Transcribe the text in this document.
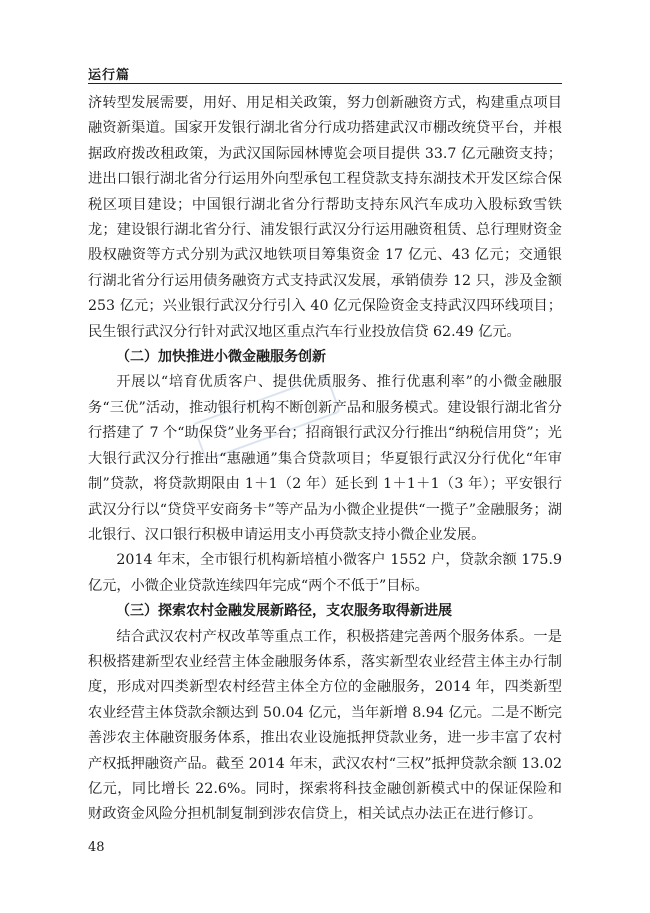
运行篇

济转型发展需要，用好、用足相关政策，努力创新融资方式，构建重点项目融资新渠道。国家开发银行湖北省分行成功搭建武汉市棚改统贷平台，并根据政府拨改租政策，为武汉国际园林博览会项目提供 33.7 亿元融资支持；进出口银行湖北省分行运用外向型承包工程贷款支持东湖技术开发区综合保税区项目建设；中国银行湖北省分行帮助支持东风汽车成功入股标致雪铁龙；建设银行湖北省分行、浦发银行武汉分行运用融资租赁、总行理财资金股权融资等方式分别为武汉地铁项目筹集资金 17 亿元、43 亿元；交通银行湖北省分行运用债务融资方式支持武汉发展，承销债券 12 只，涉及金额 253 亿元；兴业银行武汉分行引入 40 亿元保险资金支持武汉四环线项目；民生银行武汉分行针对武汉地区重点汽车行业投放信贷 62.49 亿元。

（二）加快推进小微金融服务创新

开展以“培育优质客户、提供优质服务、推行优惠利率”的小微金融服务“三优”活动，推动银行机构不断创新产品和服务模式。建设银行湖北省分行搭建了 7 个“助保贷”业务平台；招商银行武汉分行推出“纳税信用贷”；光大银行武汉分行推出“惠融通”集合贷款项目；华夏银行武汉分行优化“年审制”贷款，将贷款期限由 1＋1（2 年）延长到 1＋1＋1（3 年）；平安银行武汉分行以“贷贷平安商务卡”等产品为小微企业提供“一揽子”金融服务；湖北银行、汉口银行积极申请运用支小再贷款支持小微企业发展。

2014 年末，全市银行机构新培植小微客户 1552 户，贷款余额 175.9 亿元，小微企业贷款连续四年完成“两个不低于”目标。

（三）探索农村金融发展新路径，支农服务取得新进展

结合武汉农村产权改革等重点工作，积极搭建完善两个服务体系。一是积极搭建新型农业经营主体金融服务体系，落实新型农业经营主体主办行制度，形成对四类新型农村经营主体全方位的金融服务，2014 年，四类新型农业经营主体贷款余额达到 50.04 亿元，当年新增 8.94 亿元。二是不断完善涉农主体融资服务体系，推出农业设施抵押贷款业务，进一步丰富了农村产权抵押融资产品。截至 2014 年末，武汉农村“三权”抵押贷款余额 13.02 亿元，同比增长 22.6%。同时，探索将科技金融创新模式中的保证保险和财政资金风险分担机制复制到涉农信贷上，相关试点办法正在进行修订。

48
